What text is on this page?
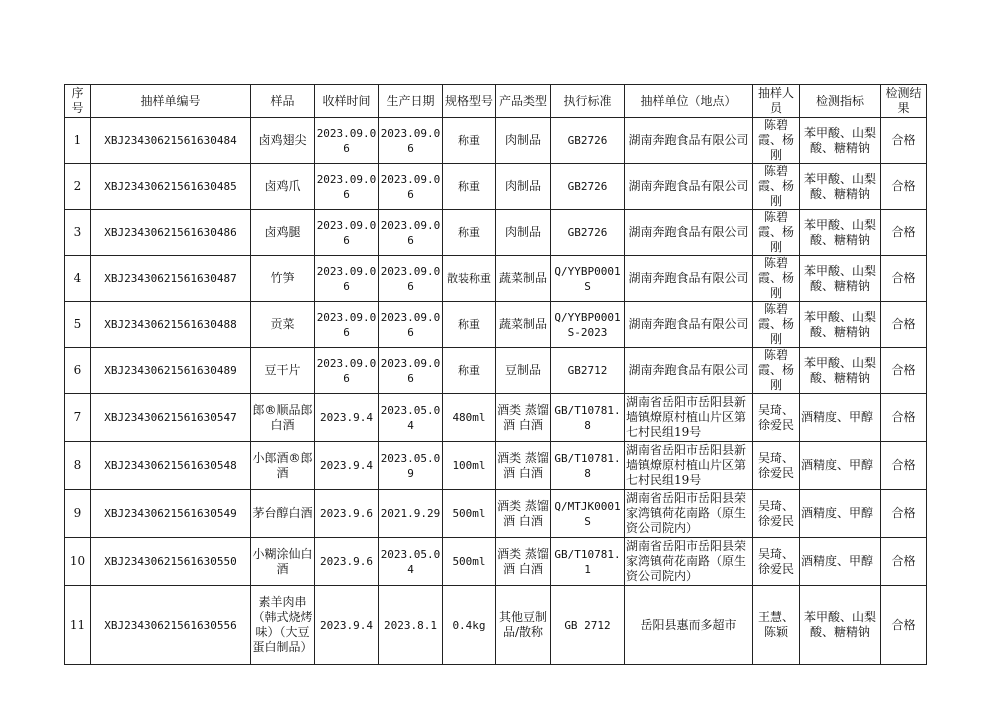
序号	抽样单编号	样品	收样时间	生产日期	规格型号	产品类型	执行标准	抽样单位（地点）	抽样人员	检测指标	检测结果
1	XBJ23430621561630484	卤鸡翅尖	2023.09.06	2023.09.06	称重	肉制品	GB2726	湖南奔跑食品有限公司	陈碧霞、杨刚	苯甲酸、山梨酸、糖精钠	合格
2	XBJ23430621561630485	卤鸡爪	2023.09.06	2023.09.06	称重	肉制品	GB2726	湖南奔跑食品有限公司	陈碧霞、杨刚	苯甲酸、山梨酸、糖精钠	合格
3	XBJ23430621561630486	卤鸡腿	2023.09.06	2023.09.06	称重	肉制品	GB2726	湖南奔跑食品有限公司	陈碧霞、杨刚	苯甲酸、山梨酸、糖精钠	合格
4	XBJ23430621561630487	竹笋	2023.09.06	2023.09.06	散装称重	蔬菜制品	Q/YYBP0001S	湖南奔跑食品有限公司	陈碧霞、杨刚	苯甲酸、山梨酸、糖精钠	合格
5	XBJ23430621561630488	贡菜	2023.09.06	2023.09.06	称重	蔬菜制品	Q/YYBP0001S-2023	湖南奔跑食品有限公司	陈碧霞、杨刚	苯甲酸、山梨酸、糖精钠	合格
6	XBJ23430621561630489	豆干片	2023.09.06	2023.09.06	称重	豆制品	GB2712	湖南奔跑食品有限公司	陈碧霞、杨刚	苯甲酸、山梨酸、糖精钠	合格
7	XBJ23430621561630547	郎®顺品郎白酒	2023.9.4	2023.05.04	480ml	酒类 蒸馏酒 白酒	GB/T10781.8	湖南省岳阳市岳阳县新墙镇燎原村植山片区第七村民组19号	吴琦、徐爱民	酒精度、甲醇	合格
8	XBJ23430621561630548	小郎酒®郎酒	2023.9.4	2023.05.09	100ml	酒类 蒸馏酒 白酒	GB/T10781.8	湖南省岳阳市岳阳县新墙镇燎原村植山片区第七村民组19号	吴琦、徐爱民	酒精度、甲醇	合格
9	XBJ23430621561630549	茅台醇白酒	2023.9.6	2021.9.29	500ml	酒类 蒸馏酒 白酒	Q/MTJK0001S	湖南省岳阳市岳阳县荣家湾镇荷花南路（原生资公司院内）	吴琦、徐爱民	酒精度、甲醇	合格
10	XBJ23430621561630550	小糊涂仙白酒	2023.9.6	2023.05.04	500ml	酒类 蒸馏酒 白酒	GB/T10781.1	湖南省岳阳市岳阳县荣家湾镇荷花南路（原生资公司院内）	吴琦、徐爱民	酒精度、甲醇	合格
11	XBJ23430621561630556	素羊肉串（韩式烧烤味）（大豆蛋白制品）	2023.9.4	2023.8.1	0.4kg	其他豆制品/散称	GB 2712	岳阳县惠而多超市	王慧、陈颖	苯甲酸、山梨酸、糖精钠	合格
